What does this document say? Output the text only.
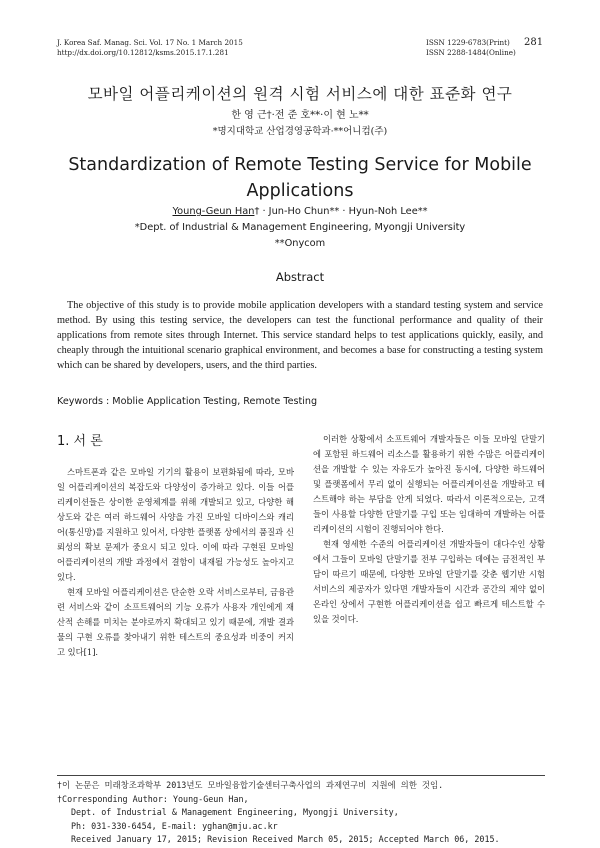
J. Korea Saf. Manag. Sci. Vol. 17 No. 1 March 2015
http://dx.doi.org/10.12812/ksms.2015.17.1.281
ISSN 1229-6783(Print)
ISSN 2288-1484(Online)
281
모바일 어플리케이션의 원격 시험 서비스에 대한 표준화 연구
한 영 근†·전 준 호**·이 현 노**
*명지대학교 산업경영공학과·**어니컴(주)
Standardization of Remote Testing Service for Mobile Applications
Young-Geun Han† · Jun-Ho Chun** · Hyun-Noh Lee**
*Dept. of Industrial & Management Engineering, Myongji University
**Onycom
Abstract
The objective of this study is to provide mobile application developers with a standard testing system and service method. By using this testing service, the developers can test the functional performance and quality of their applications from remote sites through Internet. This service standard helps to test applications quickly, easily, and cheaply through the intuitional scenario graphical environment, and becomes a base for constructing a testing system which can be shared by developers, users, and the third parties.
Keywords : Moblie Application Testing, Remote Testing
1. 서 론

스마트폰과 같은 모바일 기기의 활용이 보편화됨에 따라, 모바일 어플리케이션의 복잡도와 다양성이 증가하고 있다. 이들 어플리케이션들은 상이한 운영체계를 위해 개발되고 있고, 다양한 해상도와 같은 여러 하드웨어 사양을 가진 모바일 디바이스와 캐리어(통신망)를 지원하고 있어서, 다양한 플랫폼 상에서의 품질과 신뢰성의 확보 문제가 중요시 되고 있다. 이에 따라 구현된 모바일 어플리케이션의 개발 과정에서 결함이 내재될 가능성도 높아지고 있다.

현재 모바일 어플리케이션은 단순한 오락 서비스로부터, 금융관련 서비스와 같이 소프트웨어의 기능 오류가 사용자 개인에게 재산적 손해를 미치는 분야로까지 확대되고 있기 때문에, 개발 결과물의 구현 오류를 찾아내기 위한 테스트의 중요성과 비중이 커지고 있다[1].

이러한 상황에서 소프트웨어 개발자들은 이들 모바일 단말기에 포함된 하드웨어 리소스를 활용하기 위한 수많은 어플리케이션을 개발할 수 있는 자유도가 높아진 동시에, 다양한 하드웨어 및 플랫폼에서 무리 없이 실행되는 어플리케이션을 개발하고 테스트해야 하는 부담을 안게 되었다. 따라서 이론적으로는, 고객들이 사용할 다양한 단말기를 구입 또는 임대하여 개발하는 어플리케이션의 시험이 진행되어야 한다.

현재 영세한 수준의 어플리케이션 개발자들이 대다수인 상황에서 그들이 모바일 단말기를 전부 구입하는 데에는 금전적인 부담이 따르기 때문에, 다양한 모바일 단말기를 갖춘 웹기반 시험 서비스의 제공자가 있다면 개발자들이 시간과 공간의 제약 없이 온라인 상에서 구현한 어플리케이션을 쉽고 빠르게 테스트할 수 있을 것이다.

†이 논문은 미래창조과학부 2013년도 모바일융합기술센터구축사업의 과제연구비 지원에 의한 것임.
†Corresponding Author: Young-Geun Han,
Dept. of Industrial & Management Engineering, Myongji University,
Ph: 031-330-6454, E-mail: yghan@mju.ac.kr
Received January 17, 2015; Revision Received March 05, 2015; Accepted March 06, 2015.
